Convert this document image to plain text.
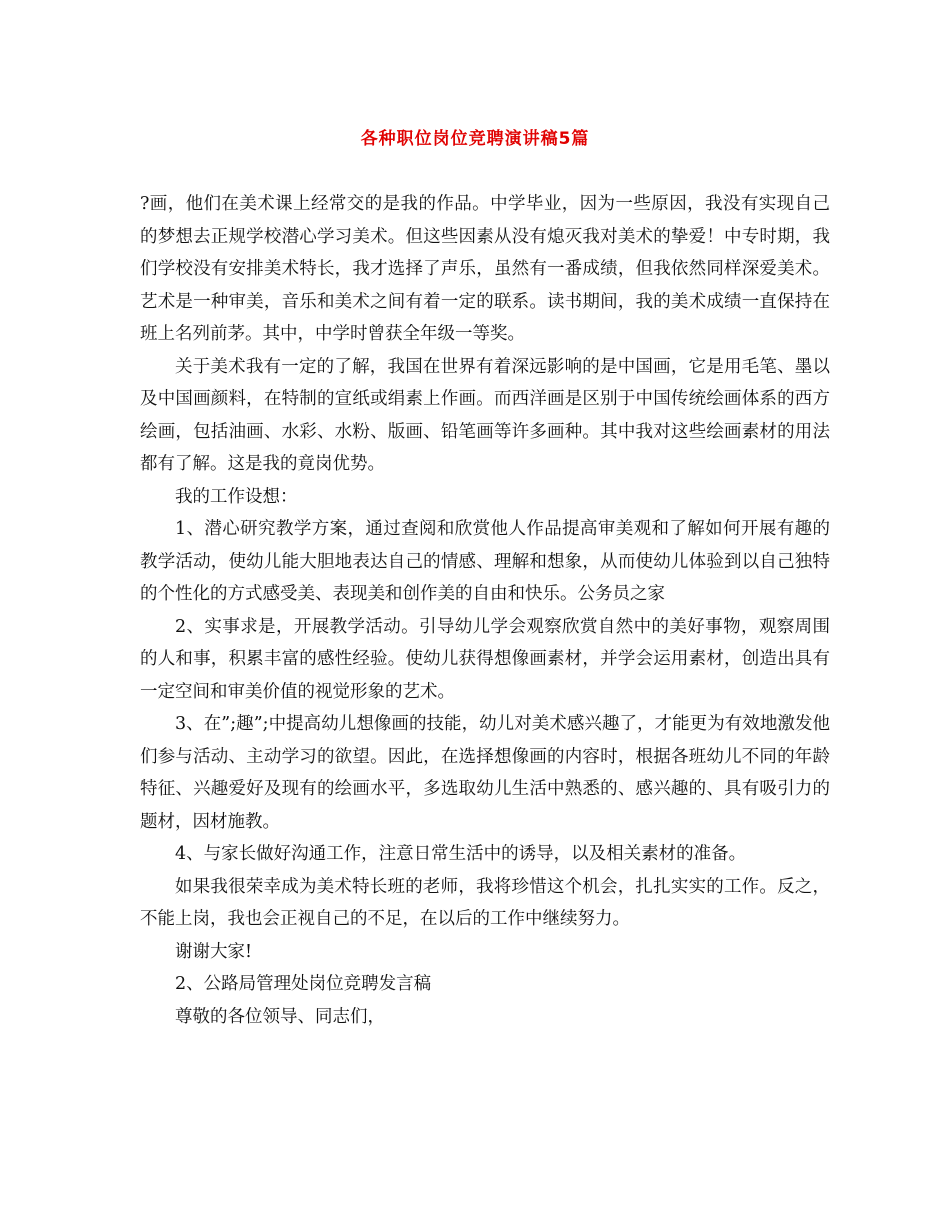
各种职位岗位竞聘演讲稿5篇

?画，他们在美术课上经常交的是我的作品。中学毕业，因为一些原因，我没有实现自己的梦想去正规学校潜心学习美术。但这些因素从没有熄灭我对美术的挚爱！中专时期，我们学校没有安排美术特长，我才选择了声乐，虽然有一番成绩，但我依然同样深爱美术。艺术是一种审美，音乐和美术之间有着一定的联系。读书期间，我的美术成绩一直保持在班上名列前茅。其中，中学时曾获全年级一等奖。

关于美术我有一定的了解，我国在世界有着深远影响的是中国画，它是用毛笔、墨以及中国画颜料，在特制的宣纸或绢素上作画。而西洋画是区别于中国传统绘画体系的西方绘画，包括油画、水彩、水粉、版画、铅笔画等许多画种。其中我对这些绘画素材的用法都有了解。这是我的竟岗优势。

我的工作设想：

1、潜心研究教学方案，通过查阅和欣赏他人作品提高审美观和了解如何开展有趣的教学活动，使幼儿能大胆地表达自己的情感、理解和想象，从而使幼儿体验到以自己独特的个性化的方式感受美、表现美和创作美的自由和快乐。公务员之家

2、实事求是，开展教学活动。引导幼儿学会观察欣赏自然中的美好事物，观察周围的人和事，积累丰富的感性经验。使幼儿获得想像画素材，并学会运用素材，创造出具有一定空间和审美价值的视觉形象的艺术。

3、在”;趣”;中提高幼儿想像画的技能，幼儿对美术感兴趣了，才能更为有效地激发他们参与活动、主动学习的欲望。因此，在选择想像画的内容时，根据各班幼儿不同的年龄特征、兴趣爱好及现有的绘画水平，多选取幼儿生活中熟悉的、感兴趣的、具有吸引力的题材，因材施教。

4、与家长做好沟通工作，注意日常生活中的诱导，以及相关素材的准备。

如果我很荣幸成为美术特长班的老师，我将珍惜这个机会，扎扎实实的工作。反之，不能上岗，我也会正视自己的不足，在以后的工作中继续努力。

谢谢大家!

2、公路局管理处岗位竞聘发言稿

尊敬的各位领导、同志们，
